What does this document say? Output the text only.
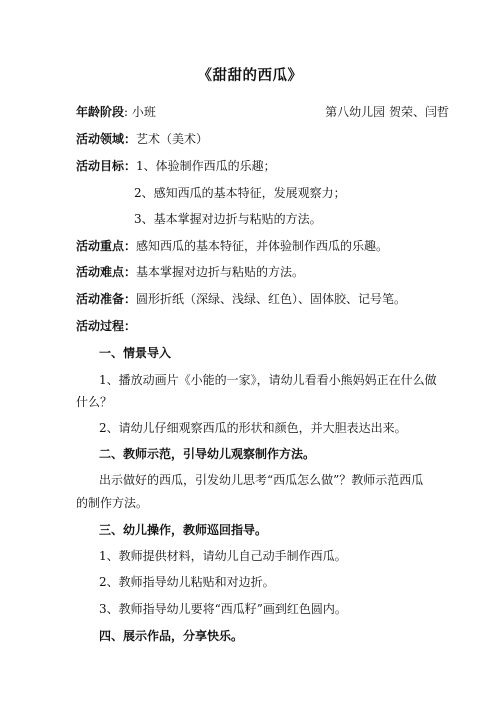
《甜甜的西瓜》
年龄阶段: 小班	第八幼儿园 贺荣、闫哲
活动领域：艺术（美术）
活动目标：1、体验制作西瓜的乐趣；
2、感知西瓜的基本特征，发展观察力；
3、基本掌握对边折与粘贴的方法。
活动重点：感知西瓜的基本特征，并体验制作西瓜的乐趣。
活动难点：基本掌握对边折与粘贴的方法。
活动准备：圆形折纸（深绿、浅绿、红色）、固体胶、记号笔。
活动过程：
一、情景导入
1、播放动画片《小能的一家》，请幼儿看看小熊妈妈正在什么做
什么？
2、请幼儿仔细观察西瓜的形状和颜色，并大胆表达出来。
二、教师示范，引导幼儿观察制作方法。
出示做好的西瓜，引发幼儿思考“西瓜怎么做”？教师示范西瓜
的制作方法。
三、幼儿操作，教师巡回指导。
1、教师提供材料，请幼儿自己动手制作西瓜。
2、教师指导幼儿粘贴和对边折。
3、教师指导幼儿要将“西瓜籽”画到红色圆内。
四、展示作品，分享快乐。
